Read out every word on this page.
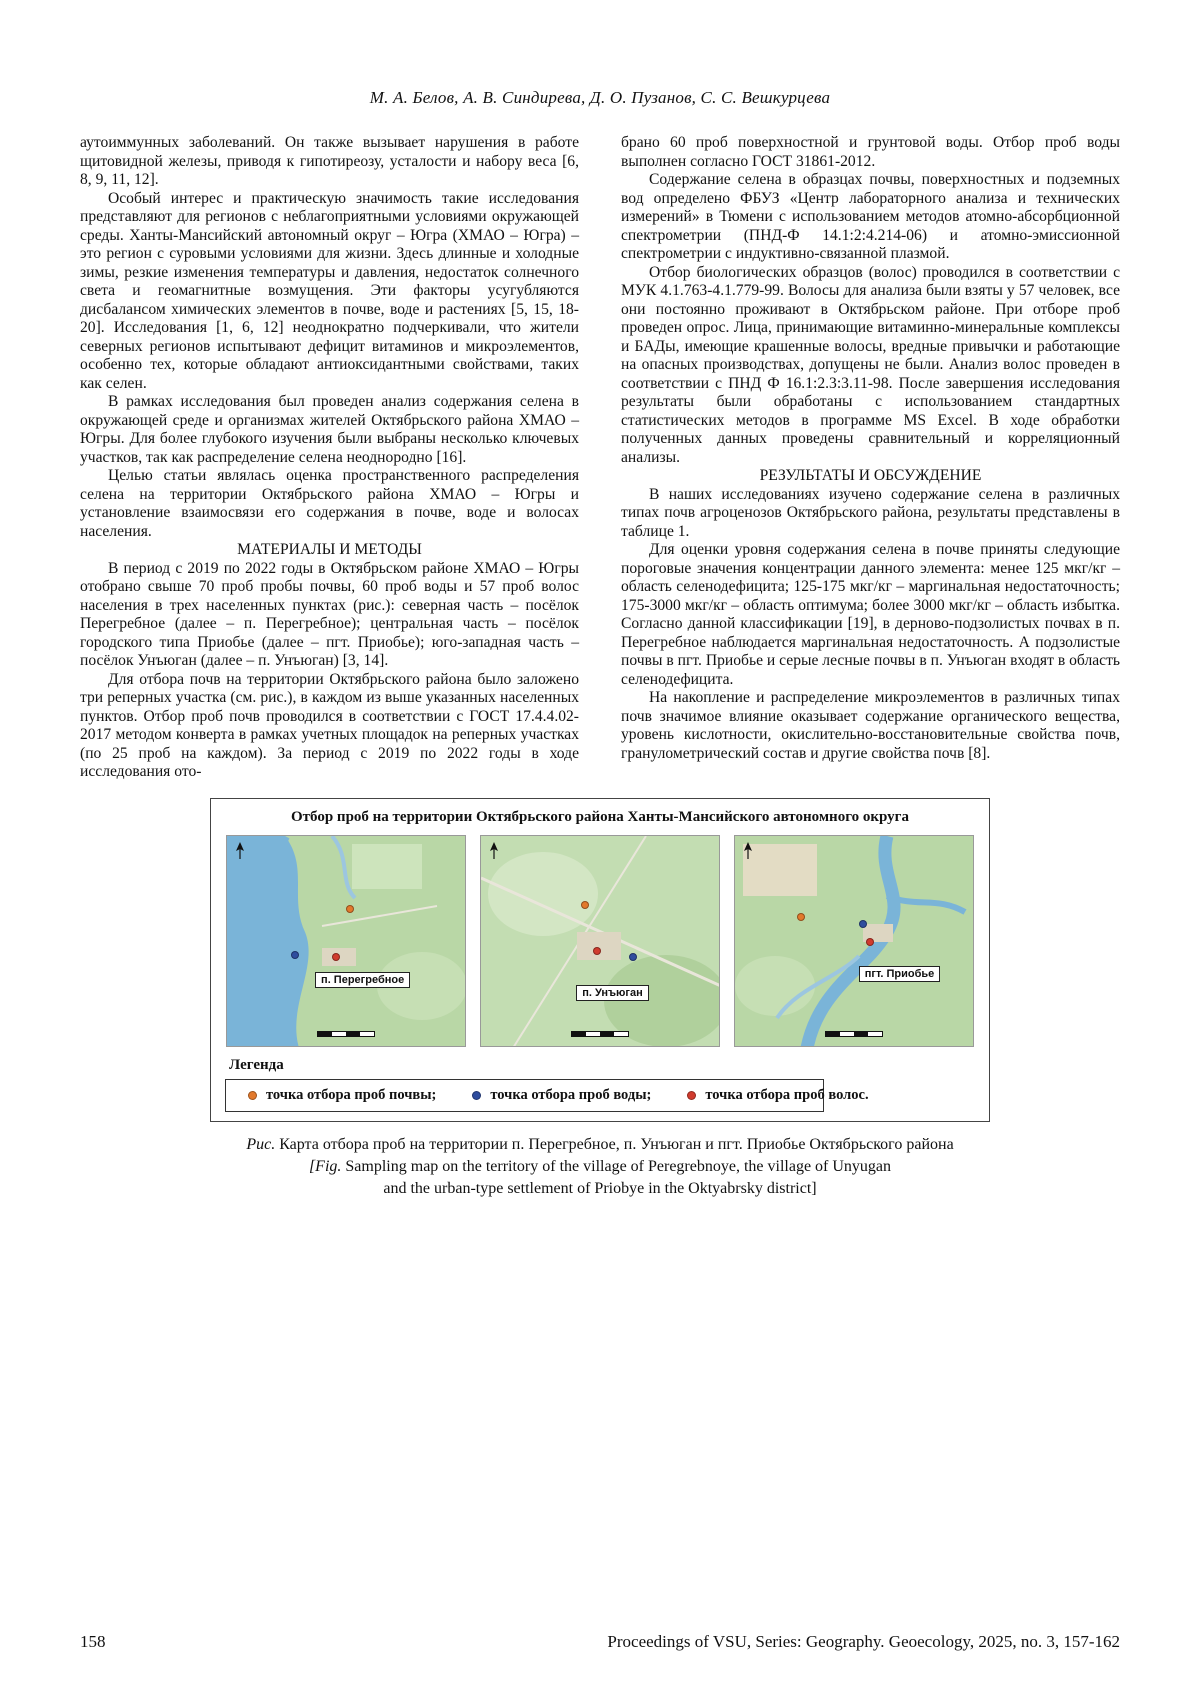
М. А. Белов, А. В. Синдирева, Д. О. Пузанов, С. С. Вешкурцева

аутоиммунных заболеваний. Он также вызывает нарушения в работе щитовидной железы, приводя к гипотиреозу, усталости и набору веса [6, 8, 9, 11, 12].

Особый интерес и практическую значимость такие исследования представляют для регионов с неблагоприятными условиями окружающей среды. Ханты-Мансийский автономный округ – Югра (ХМАО – Югра) – это регион с суровыми условиями для жизни. Здесь длинные и холодные зимы, резкие изменения температуры и давления, недостаток солнечного света и геомагнитные возмущения. Эти факторы усугубляются дисбалансом химических элементов в почве, воде и растениях [5, 15, 18-20]. Исследования [1, 6, 12] неоднократно подчеркивали, что жители северных регионов испытывают дефицит витаминов и микроэлементов, особенно тех, которые обладают антиоксидантными свойствами, таких как селен.

В рамках исследования был проведен анализ содержания селена в окружающей среде и организмах жителей Октябрьского района ХМАО – Югры. Для более глубокого изучения были выбраны несколько ключевых участков, так как распределение селена неоднородно [16].

Целью статьи являлась оценка пространственного распределения селена на территории Октябрьского района ХМАО – Югры и установление взаимосвязи его содержания в почве, воде и волосах населения.

МАТЕРИАЛЫ И МЕТОДЫ

В период с 2019 по 2022 годы в Октябрьском районе ХМАО – Югры отобрано свыше 70 проб пробы почвы, 60 проб воды и 57 проб волос населения в трех населенных пунктах (рис.): северная часть – посёлок Перегребное (далее – п. Перегребное); центральная часть – посёлок городского типа Приобье (далее – пгт. Приобье); юго-западная часть – посёлок Унъюган (далее – п. Унъюган) [3, 14].

Для отбора почв на территории Октябрьского района было заложено три реперных участка (см. рис.), в каждом из выше указанных населенных пунктов. Отбор проб почв проводился в соответствии с ГОСТ 17.4.4.02-2017 методом конверта в рамках учетных площадок на реперных участках (по 25 проб на каждом). За период с 2019 по 2022 годы в ходе исследования ото-

брано 60 проб поверхностной и грунтовой воды. Отбор проб воды выполнен согласно ГОСТ 31861-2012.

Содержание селена в образцах почвы, поверхностных и подземных вод определено ФБУЗ «Центр лабораторного анализа и технических измерений» в Тюмени с использованием методов атомно-абсорбционной спектрометрии (ПНД-Ф 14.1:2:4.214-06) и атомно-эмиссионной спектрометрии с индуктивно-связанной плазмой.

Отбор биологических образцов (волос) проводился в соответствии с МУК 4.1.763-4.1.779-99. Волосы для анализа были взяты у 57 человек, все они постоянно проживают в Октябрьском районе. При отборе проб проведен опрос. Лица, принимающие витаминно-минеральные комплексы и БАДы, имеющие крашенные волосы, вредные привычки и работающие на опасных производствах, допущены не были. Анализ волос проведен в соответствии с ПНД Ф 16.1:2.3:3.11-98. После завершения исследования результаты были обработаны с использованием стандартных статистических методов в программе MS Excel. В ходе обработки полученных данных проведены сравнительный и корреляционный анализы.

РЕЗУЛЬТАТЫ И ОБСУЖДЕНИЕ

В наших исследованиях изучено содержание селена в различных типах почв агроценозов Октябрьского района, результаты представлены в таблице 1.

Для оценки уровня содержания селена в почве приняты следующие пороговые значения концентрации данного элемента: менее 125 мкг/кг – область селенодефицита; 125-175 мкг/кг – маргинальная недостаточность; 175-3000 мкг/кг – область оптимума; более 3000 мкг/кг – область избытка. Согласно данной классификации [19], в дерново-подзолистых почвах в п. Перегребное наблюдается маргинальная недостаточность. А подзолистые почвы в пгт. Приобье и серые лесные почвы в п. Унъюган входят в область селенодефицита.

На накопление и распределение микроэлементов в различных типах почв значимое влияние оказывает содержание органического вещества, уровень кислотности, окислительно-восстановительные свойства почв, гранулометрический состав и другие свойства почв [8].

Отбор проб на территории Октябрьского района Ханты-Мансийского автономного округа
п. Перегребное
п. Унъюган
пгт. Приобье
Легенда
точка отбора проб почвы;	точка отбора проб воды;	точка отбора проб волос.
Рис. Карта отбора проб на территории п. Перегребное, п. Унъюган и пгт. Приобье Октябрьского района
[Fig. Sampling map on the territory of the village of Peregrebnoye, the village of Unyugan
and the urban-type settlement of Priobye in the Oktyabrsky district]
158	Proceedings of VSU, Series: Geography. Geoecology, 2025, no. 3, 157-162
